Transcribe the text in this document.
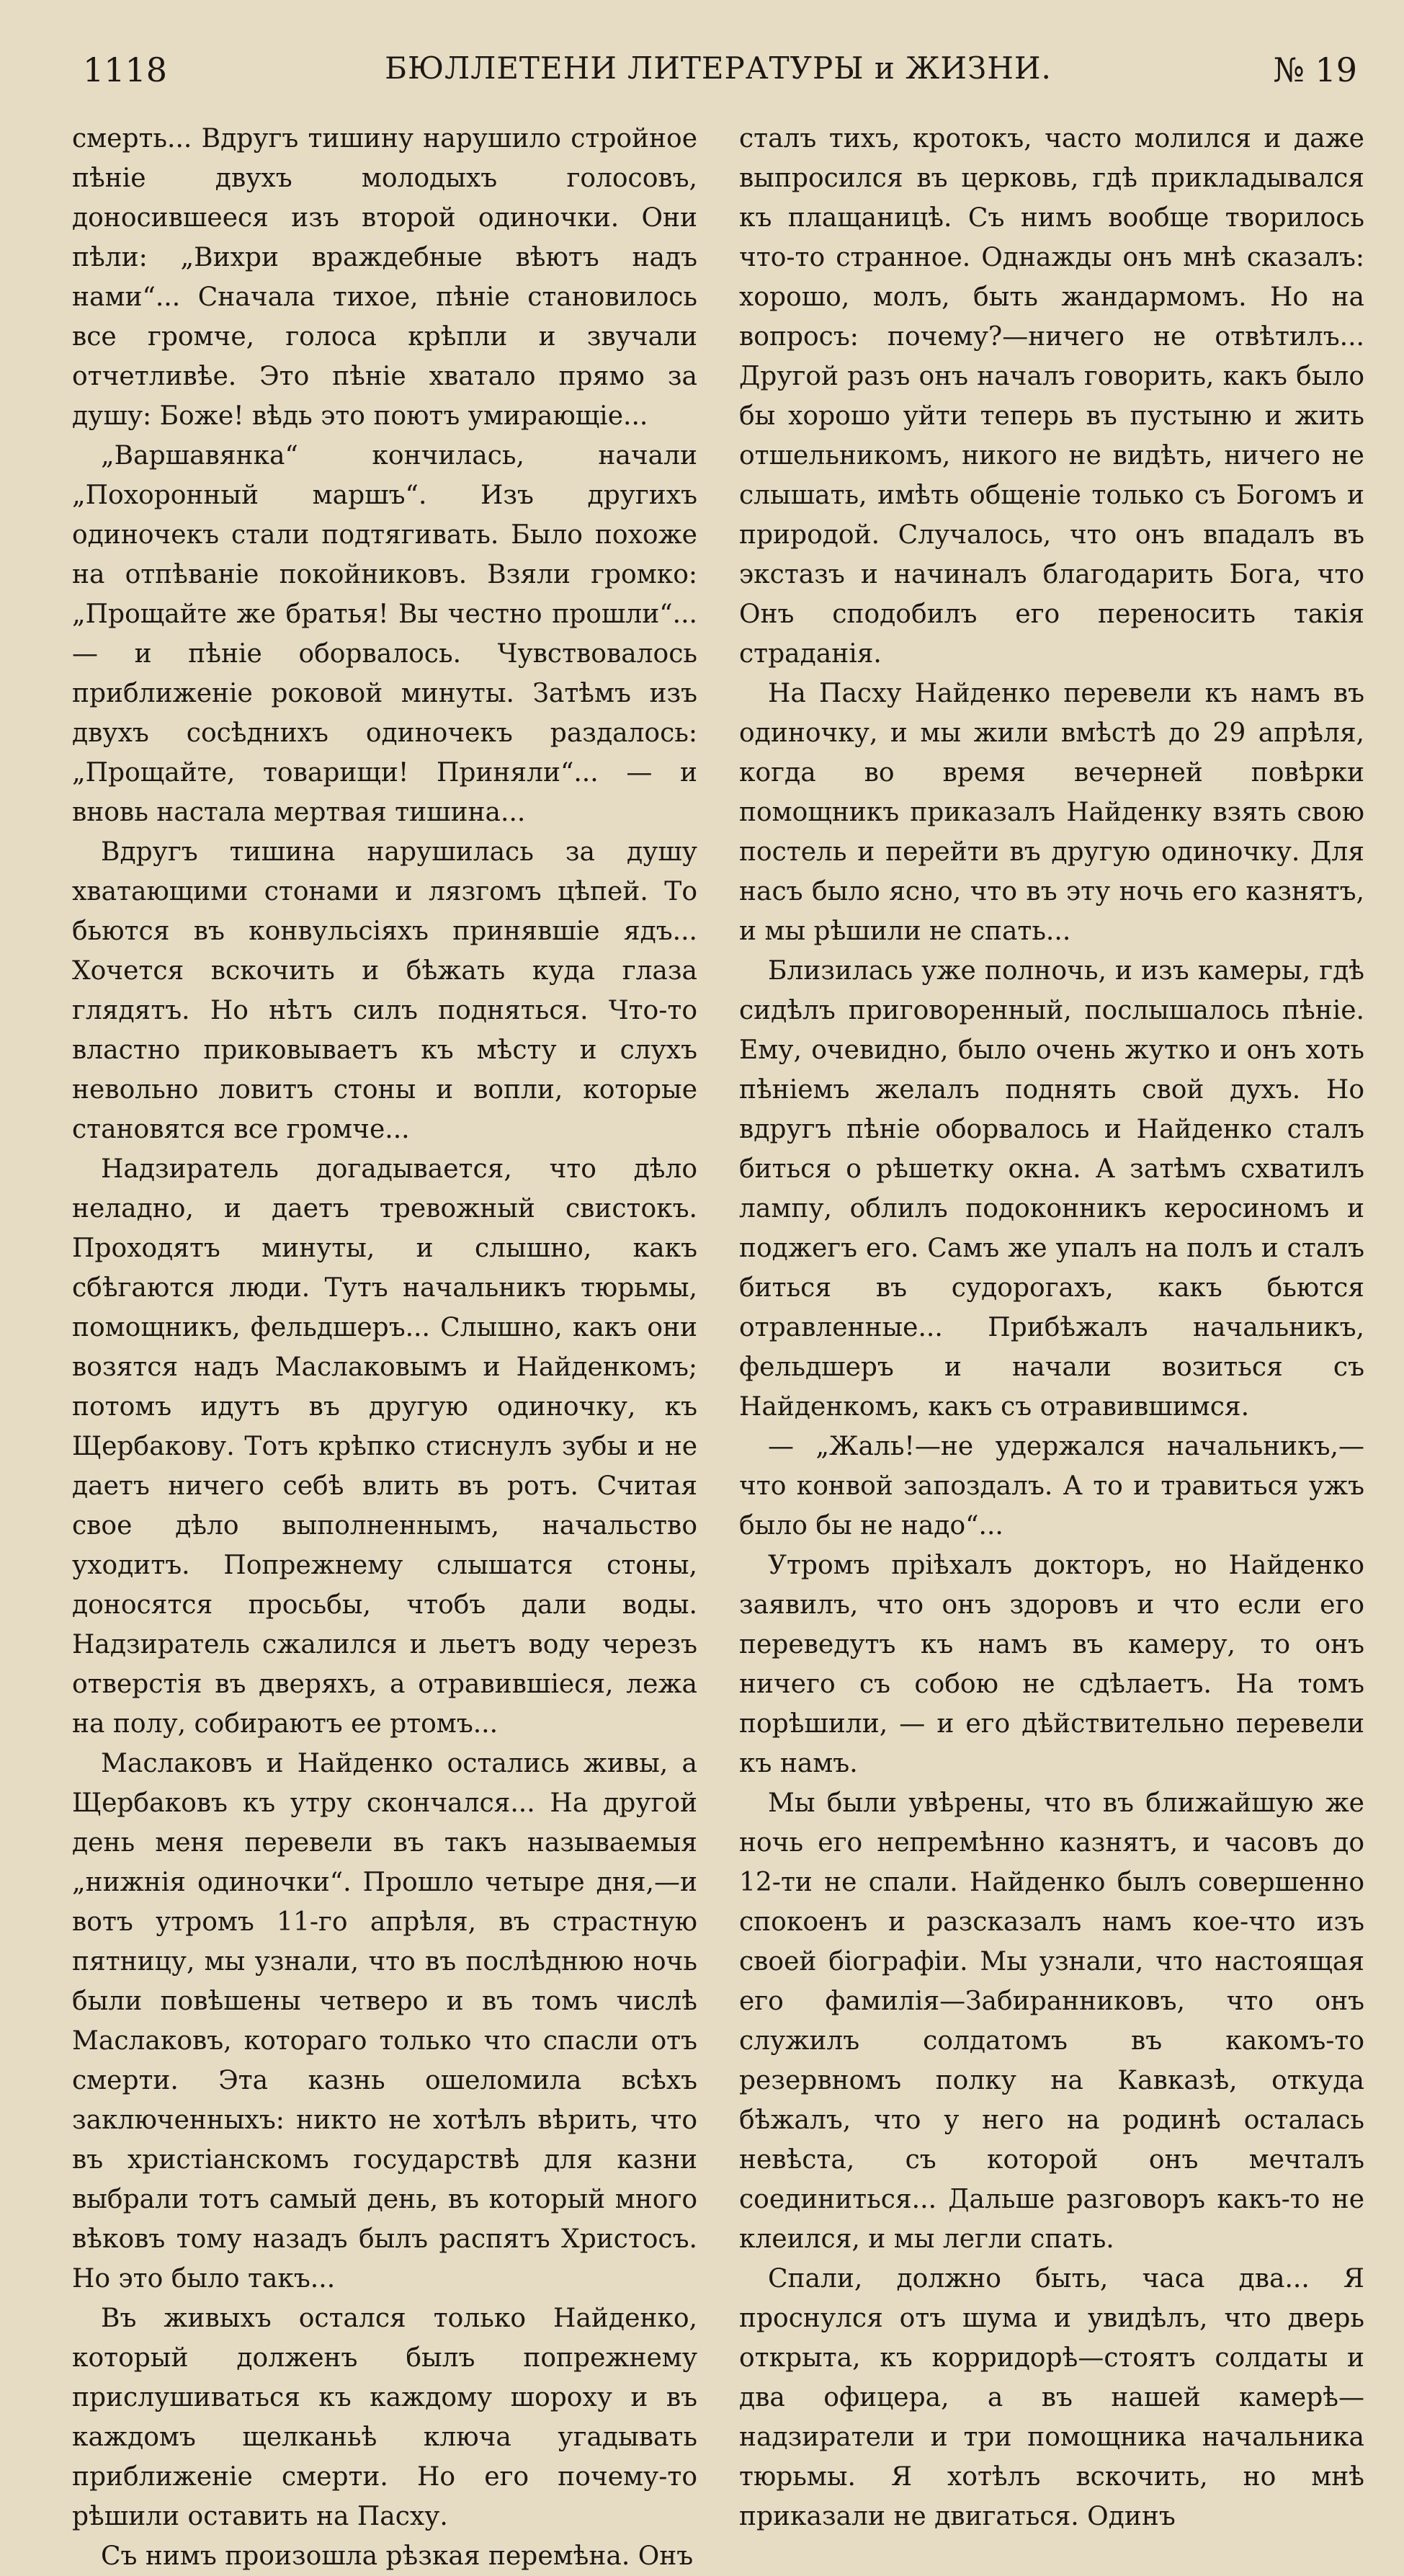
1118	БЮЛЛЕТЕНИ ЛИТЕРАТУРЫ и ЖИЗНИ.	№ 19

смерть... Вдругъ тишину нарушило стройное пѣніе двухъ молодыхъ голосовъ, доносившееся изъ второй одиночки. Они пѣли: „Вихри враждебные вѣютъ надъ нами“... Сначала тихое, пѣніе становилось все громче, голоса крѣпли и звучали отчетливѣе. Это пѣніе хватало прямо за душу: Боже! вѣдь это поютъ умирающіе...

„Варшавянка“ кончилась, начали „Похоронный маршъ“. Изъ другихъ одиночекъ стали подтягивать. Было похоже на отпѣваніе покойниковъ. Взяли громко: „Прощайте же братья! Вы честно прошли“... — и пѣніе оборвалось. Чувствовалось приближеніе роковой минуты. Затѣмъ изъ двухъ сосѣднихъ одиночекъ раздалось: „Прощайте, товарищи! Приняли“... — и вновь настала мертвая тишина...

Вдругъ тишина нарушилась за душу хватающими стонами и лязгомъ цѣпей. То бьются въ конвульсіяхъ принявшіе ядъ... Хочется вскочить и бѣжать куда глаза глядятъ. Но нѣтъ силъ подняться. Что-то властно приковываетъ къ мѣсту и слухъ невольно ловитъ стоны и вопли, которые становятся все громче...

Надзиратель догадывается, что дѣло неладно, и даетъ тревожный свистокъ. Проходятъ минуты, и слышно, какъ сбѣгаются люди. Тутъ начальникъ тюрьмы, помощникъ, фельдшеръ... Слышно, какъ они возятся надъ Маслаковымъ и Найденкомъ; потомъ идутъ въ другую одиночку, къ Щербакову. Тотъ крѣпко стиснулъ зубы и не даетъ ничего себѣ влить въ ротъ. Считая свое дѣло выполненнымъ, начальство уходитъ. Попрежнему слышатся стоны, доносятся просьбы, чтобъ дали воды. Надзиратель сжалился и льетъ воду черезъ отверстія въ дверяхъ, а отравившіеся, лежа на полу, собираютъ ее ртомъ...

Маслаковъ и Найденко остались живы, а Щербаковъ къ утру скончался... На другой день меня перевели въ такъ называемыя „нижнія одиночки“. Прошло четыре дня,—и вотъ утромъ 11-го апрѣля, въ страстную пятницу, мы узнали, что въ послѣднюю ночь были повѣшены четверо и въ томъ числѣ Маслаковъ, котораго только что спасли отъ смерти. Эта казнь ошеломила всѣхъ заключенныхъ: никто не хотѣлъ вѣрить, что въ христіанскомъ государствѣ для казни выбрали тотъ самый день, въ который много вѣковъ тому назадъ былъ распятъ Христосъ. Но это было такъ...

Въ живыхъ остался только Найденко, который долженъ былъ попрежнему прислушиваться къ каждому шороху и въ каждомъ щелканьѣ ключа угадывать приближеніе смерти. Но его почему-то рѣшили оставить на Пасху.

Съ нимъ произошла рѣзкая перемѣна. Онъ

сталъ тихъ, кротокъ, часто молился и даже выпросился въ церковь, гдѣ прикладывался къ плащаницѣ. Съ нимъ вообще творилось что-то странное. Однажды онъ мнѣ сказалъ: хорошо, молъ, быть жандармомъ. Но на вопросъ: почему?—ничего не отвѣтилъ... Другой разъ онъ началъ говорить, какъ было бы хорошо уйти теперь въ пустыню и жить отшельникомъ, никого не видѣть, ничего не слышать, имѣть общеніе только съ Богомъ и природой. Случалось, что онъ впадалъ въ экстазъ и начиналъ благодарить Бога, что Онъ сподобилъ его переносить такія страданія.

На Пасху Найденко перевели къ намъ въ одиночку, и мы жили вмѣстѣ до 29 апрѣля, когда во время вечерней повѣрки помощникъ приказалъ Найденку взять свою постель и перейти въ другую одиночку. Для насъ было ясно, что въ эту ночь его казнятъ, и мы рѣшили не спать...

Близилась уже полночь, и изъ камеры, гдѣ сидѣлъ приговоренный, послышалось пѣніе. Ему, очевидно, было очень жутко и онъ хоть пѣніемъ желалъ поднять свой духъ. Но вдругъ пѣніе оборвалось и Найденко сталъ биться о рѣшетку окна. А затѣмъ схватилъ лампу, облилъ подоконникъ керосиномъ и поджегъ его. Самъ же упалъ на полъ и сталъ биться въ судорогахъ, какъ бьются отравленные... Прибѣжалъ начальникъ, фельдшеръ и начали возиться съ Найденкомъ, какъ съ отравившимся.

— „Жаль!—не удержался начальникъ,— что конвой запоздалъ. А то и травиться ужъ было бы не надо“...

Утромъ пріѣхалъ докторъ, но Найденко заявилъ, что онъ здоровъ и что если его переведутъ къ намъ въ камеру, то онъ ничего съ собою не сдѣлаетъ. На томъ порѣшили, — и его дѣйствительно перевели къ намъ.

Мы были увѣрены, что въ ближайшую же ночь его непремѣнно казнятъ, и часовъ до 12-ти не спали. Найденко былъ совершенно спокоенъ и разсказалъ намъ кое-что изъ своей біографіи. Мы узнали, что настоящая его фамилія—Забиранниковъ, что онъ служилъ солдатомъ въ какомъ-то резервномъ полку на Кавказѣ, откуда бѣжалъ, что у него на родинѣ осталась невѣста, съ которой онъ мечталъ соединиться... Дальше разговоръ какъ-то не клеился, и мы легли спать.

Спали, должно быть, часа два... Я проснулся отъ шума и увидѣлъ, что дверь открыта, къ корридорѣ—стоятъ солдаты и два офицера, а въ нашей камерѣ—надзиратели и три помощника начальника тюрьмы. Я хотѣлъ вскочить, но мнѣ приказали не двигаться. Одинъ
